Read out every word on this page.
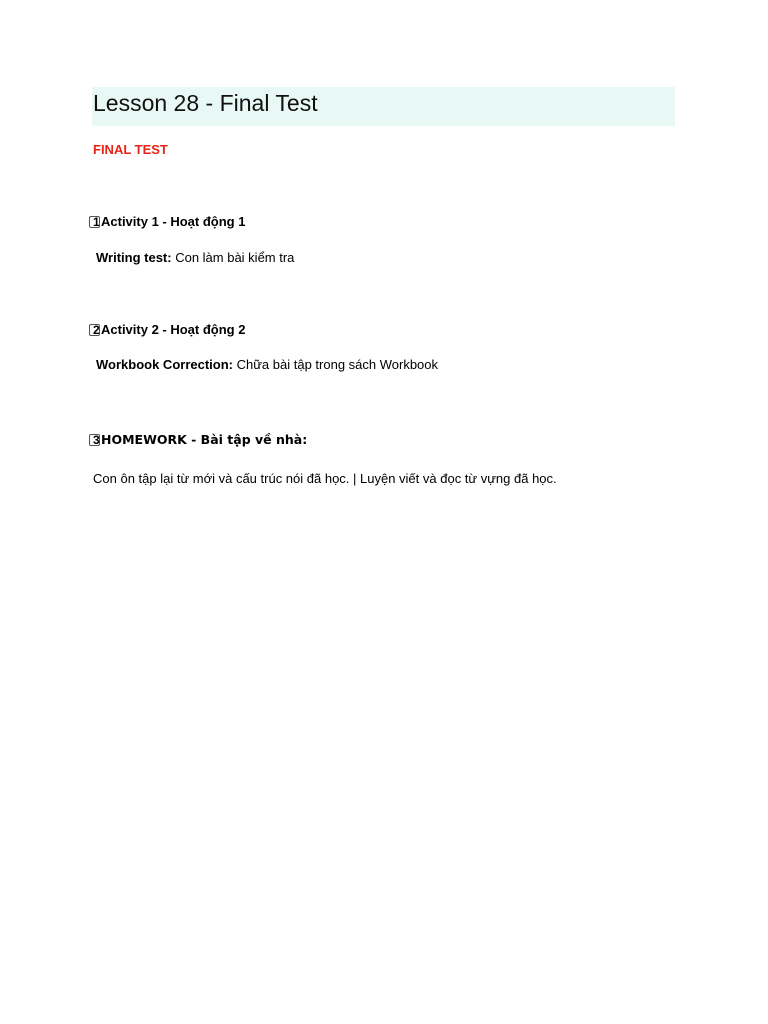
Lesson 28 - Final Test
FINAL TEST
1 Activity 1 - Hoạt động 1
Writing test: Con làm bài kiểm tra
2 Activity 2 - Hoạt động 2
Workbook Correction: Chữa bài tập trong sách Workbook
3 HOMEWORK - Bài tập về nhà:
Con ôn tập lại từ mới và cấu trúc nói đã học. | Luyện viết và đọc từ vựng đã học.
